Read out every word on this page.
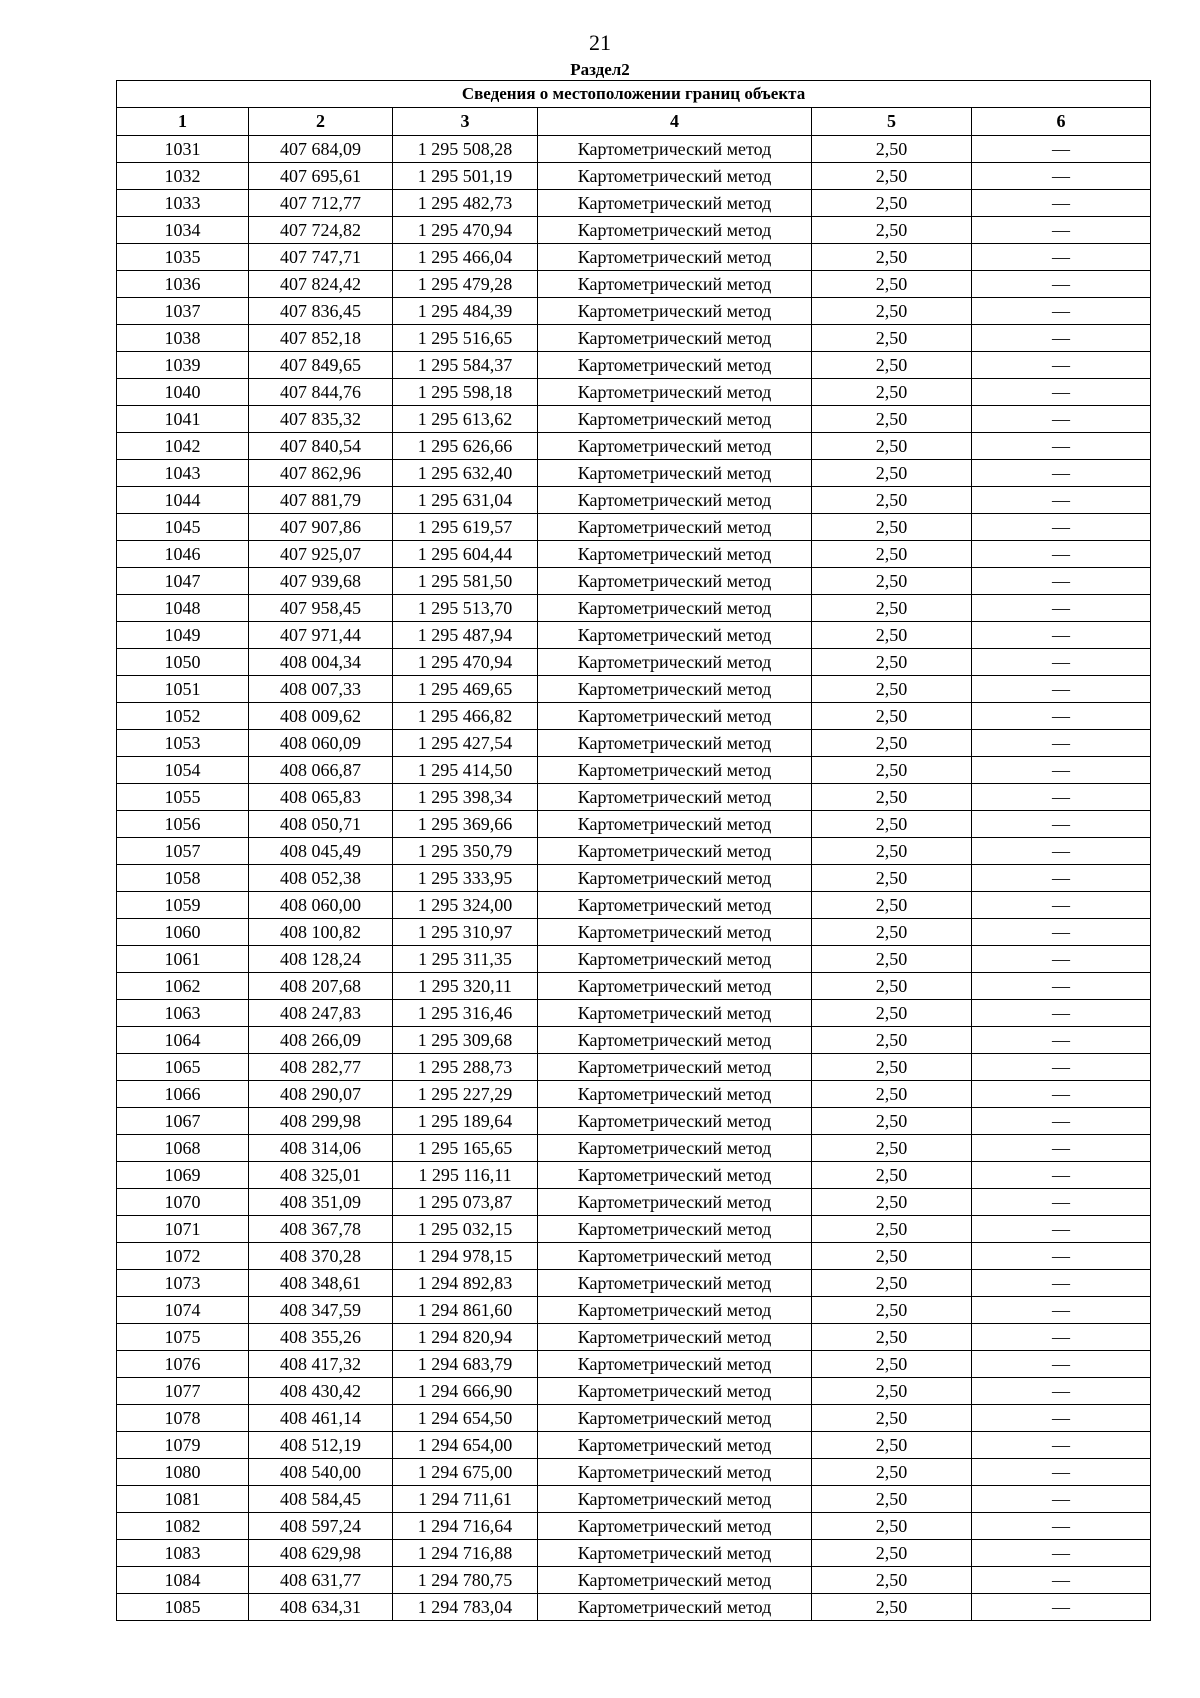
21
Раздел2
Сведения о местоположении границ объекта					
1	2	3	4	5	6
1031	407 684,09	1 295 508,28	Картометрический метод	2,50	—
1032	407 695,61	1 295 501,19	Картометрический метод	2,50	—
1033	407 712,77	1 295 482,73	Картометрический метод	2,50	—
1034	407 724,82	1 295 470,94	Картометрический метод	2,50	—
1035	407 747,71	1 295 466,04	Картометрический метод	2,50	—
1036	407 824,42	1 295 479,28	Картометрический метод	2,50	—
1037	407 836,45	1 295 484,39	Картометрический метод	2,50	—
1038	407 852,18	1 295 516,65	Картометрический метод	2,50	—
1039	407 849,65	1 295 584,37	Картометрический метод	2,50	—
1040	407 844,76	1 295 598,18	Картометрический метод	2,50	—
1041	407 835,32	1 295 613,62	Картометрический метод	2,50	—
1042	407 840,54	1 295 626,66	Картометрический метод	2,50	—
1043	407 862,96	1 295 632,40	Картометрический метод	2,50	—
1044	407 881,79	1 295 631,04	Картометрический метод	2,50	—
1045	407 907,86	1 295 619,57	Картометрический метод	2,50	—
1046	407 925,07	1 295 604,44	Картометрический метод	2,50	—
1047	407 939,68	1 295 581,50	Картометрический метод	2,50	—
1048	407 958,45	1 295 513,70	Картометрический метод	2,50	—
1049	407 971,44	1 295 487,94	Картометрический метод	2,50	—
1050	408 004,34	1 295 470,94	Картометрический метод	2,50	—
1051	408 007,33	1 295 469,65	Картометрический метод	2,50	—
1052	408 009,62	1 295 466,82	Картометрический метод	2,50	—
1053	408 060,09	1 295 427,54	Картометрический метод	2,50	—
1054	408 066,87	1 295 414,50	Картометрический метод	2,50	—
1055	408 065,83	1 295 398,34	Картометрический метод	2,50	—
1056	408 050,71	1 295 369,66	Картометрический метод	2,50	—
1057	408 045,49	1 295 350,79	Картометрический метод	2,50	—
1058	408 052,38	1 295 333,95	Картометрический метод	2,50	—
1059	408 060,00	1 295 324,00	Картометрический метод	2,50	—
1060	408 100,82	1 295 310,97	Картометрический метод	2,50	—
1061	408 128,24	1 295 311,35	Картометрический метод	2,50	—
1062	408 207,68	1 295 320,11	Картометрический метод	2,50	—
1063	408 247,83	1 295 316,46	Картометрический метод	2,50	—
1064	408 266,09	1 295 309,68	Картометрический метод	2,50	—
1065	408 282,77	1 295 288,73	Картометрический метод	2,50	—
1066	408 290,07	1 295 227,29	Картометрический метод	2,50	—
1067	408 299,98	1 295 189,64	Картометрический метод	2,50	—
1068	408 314,06	1 295 165,65	Картометрический метод	2,50	—
1069	408 325,01	1 295 116,11	Картометрический метод	2,50	—
1070	408 351,09	1 295 073,87	Картометрический метод	2,50	—
1071	408 367,78	1 295 032,15	Картометрический метод	2,50	—
1072	408 370,28	1 294 978,15	Картометрический метод	2,50	—
1073	408 348,61	1 294 892,83	Картометрический метод	2,50	—
1074	408 347,59	1 294 861,60	Картометрический метод	2,50	—
1075	408 355,26	1 294 820,94	Картометрический метод	2,50	—
1076	408 417,32	1 294 683,79	Картометрический метод	2,50	—
1077	408 430,42	1 294 666,90	Картометрический метод	2,50	—
1078	408 461,14	1 294 654,50	Картометрический метод	2,50	—
1079	408 512,19	1 294 654,00	Картометрический метод	2,50	—
1080	408 540,00	1 294 675,00	Картометрический метод	2,50	—
1081	408 584,45	1 294 711,61	Картометрический метод	2,50	—
1082	408 597,24	1 294 716,64	Картометрический метод	2,50	—
1083	408 629,98	1 294 716,88	Картометрический метод	2,50	—
1084	408 631,77	1 294 780,75	Картометрический метод	2,50	—
1085	408 634,31	1 294 783,04	Картометрический метод	2,50	—
